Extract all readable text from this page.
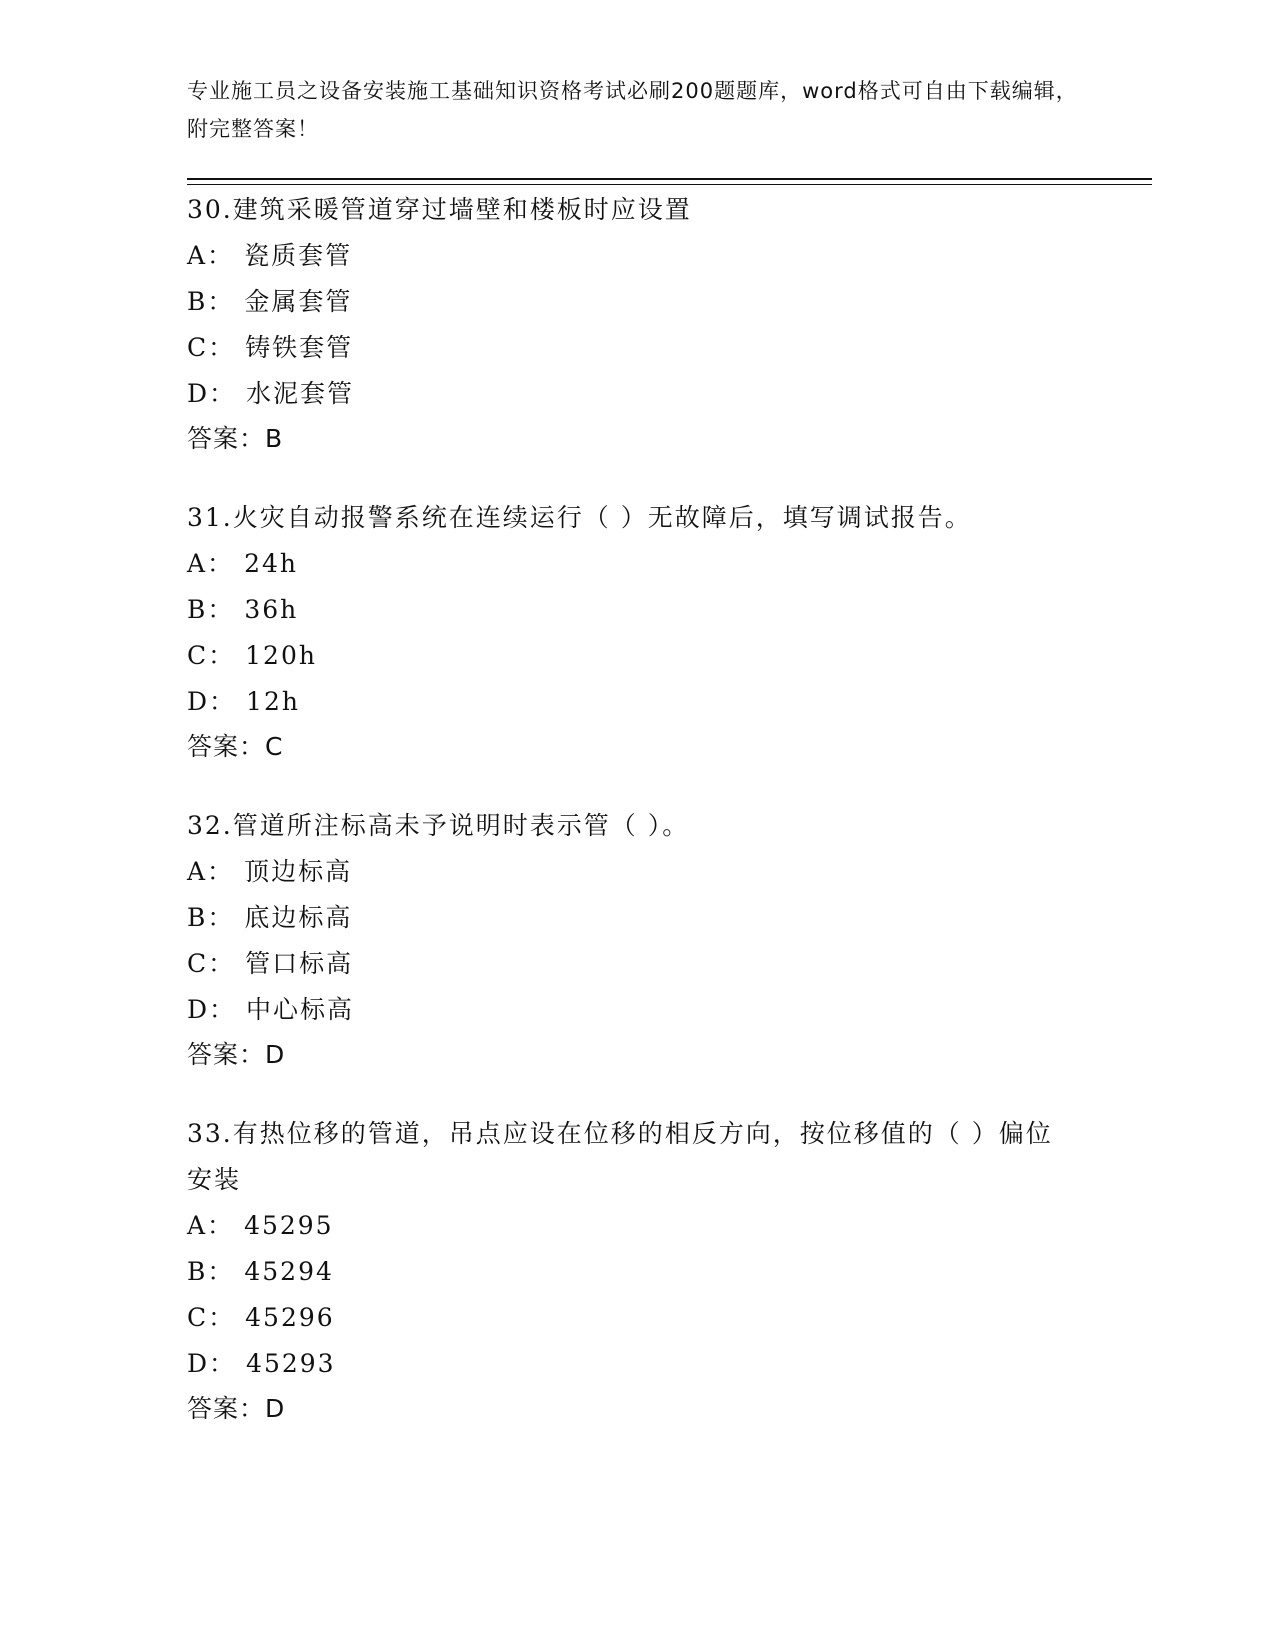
专业施工员之设备安装施工基础知识资格考试必刷200题题库，word格式可自由下载编辑，附完整答案！

30.建筑采暖管道穿过墙壁和楼板时应设置

A： 瓷质套管

B： 金属套管

C： 铸铁套管

D： 水泥套管

答案：B

31.火灾自动报警系统在连续运行（ ）无故障后，填写调试报告。

A： 24h

B： 36h

C： 120h

D： 12h

答案：C

32.管道所注标高未予说明时表示管（ ）。

A： 顶边标高

B： 底边标高

C： 管口标高

D： 中心标高

答案：D

33.有热位移的管道，吊点应设在位移的相反方向，按位移值的（ ）偏位安装

A： 45295

B： 45294

C： 45296

D： 45293

答案：D
